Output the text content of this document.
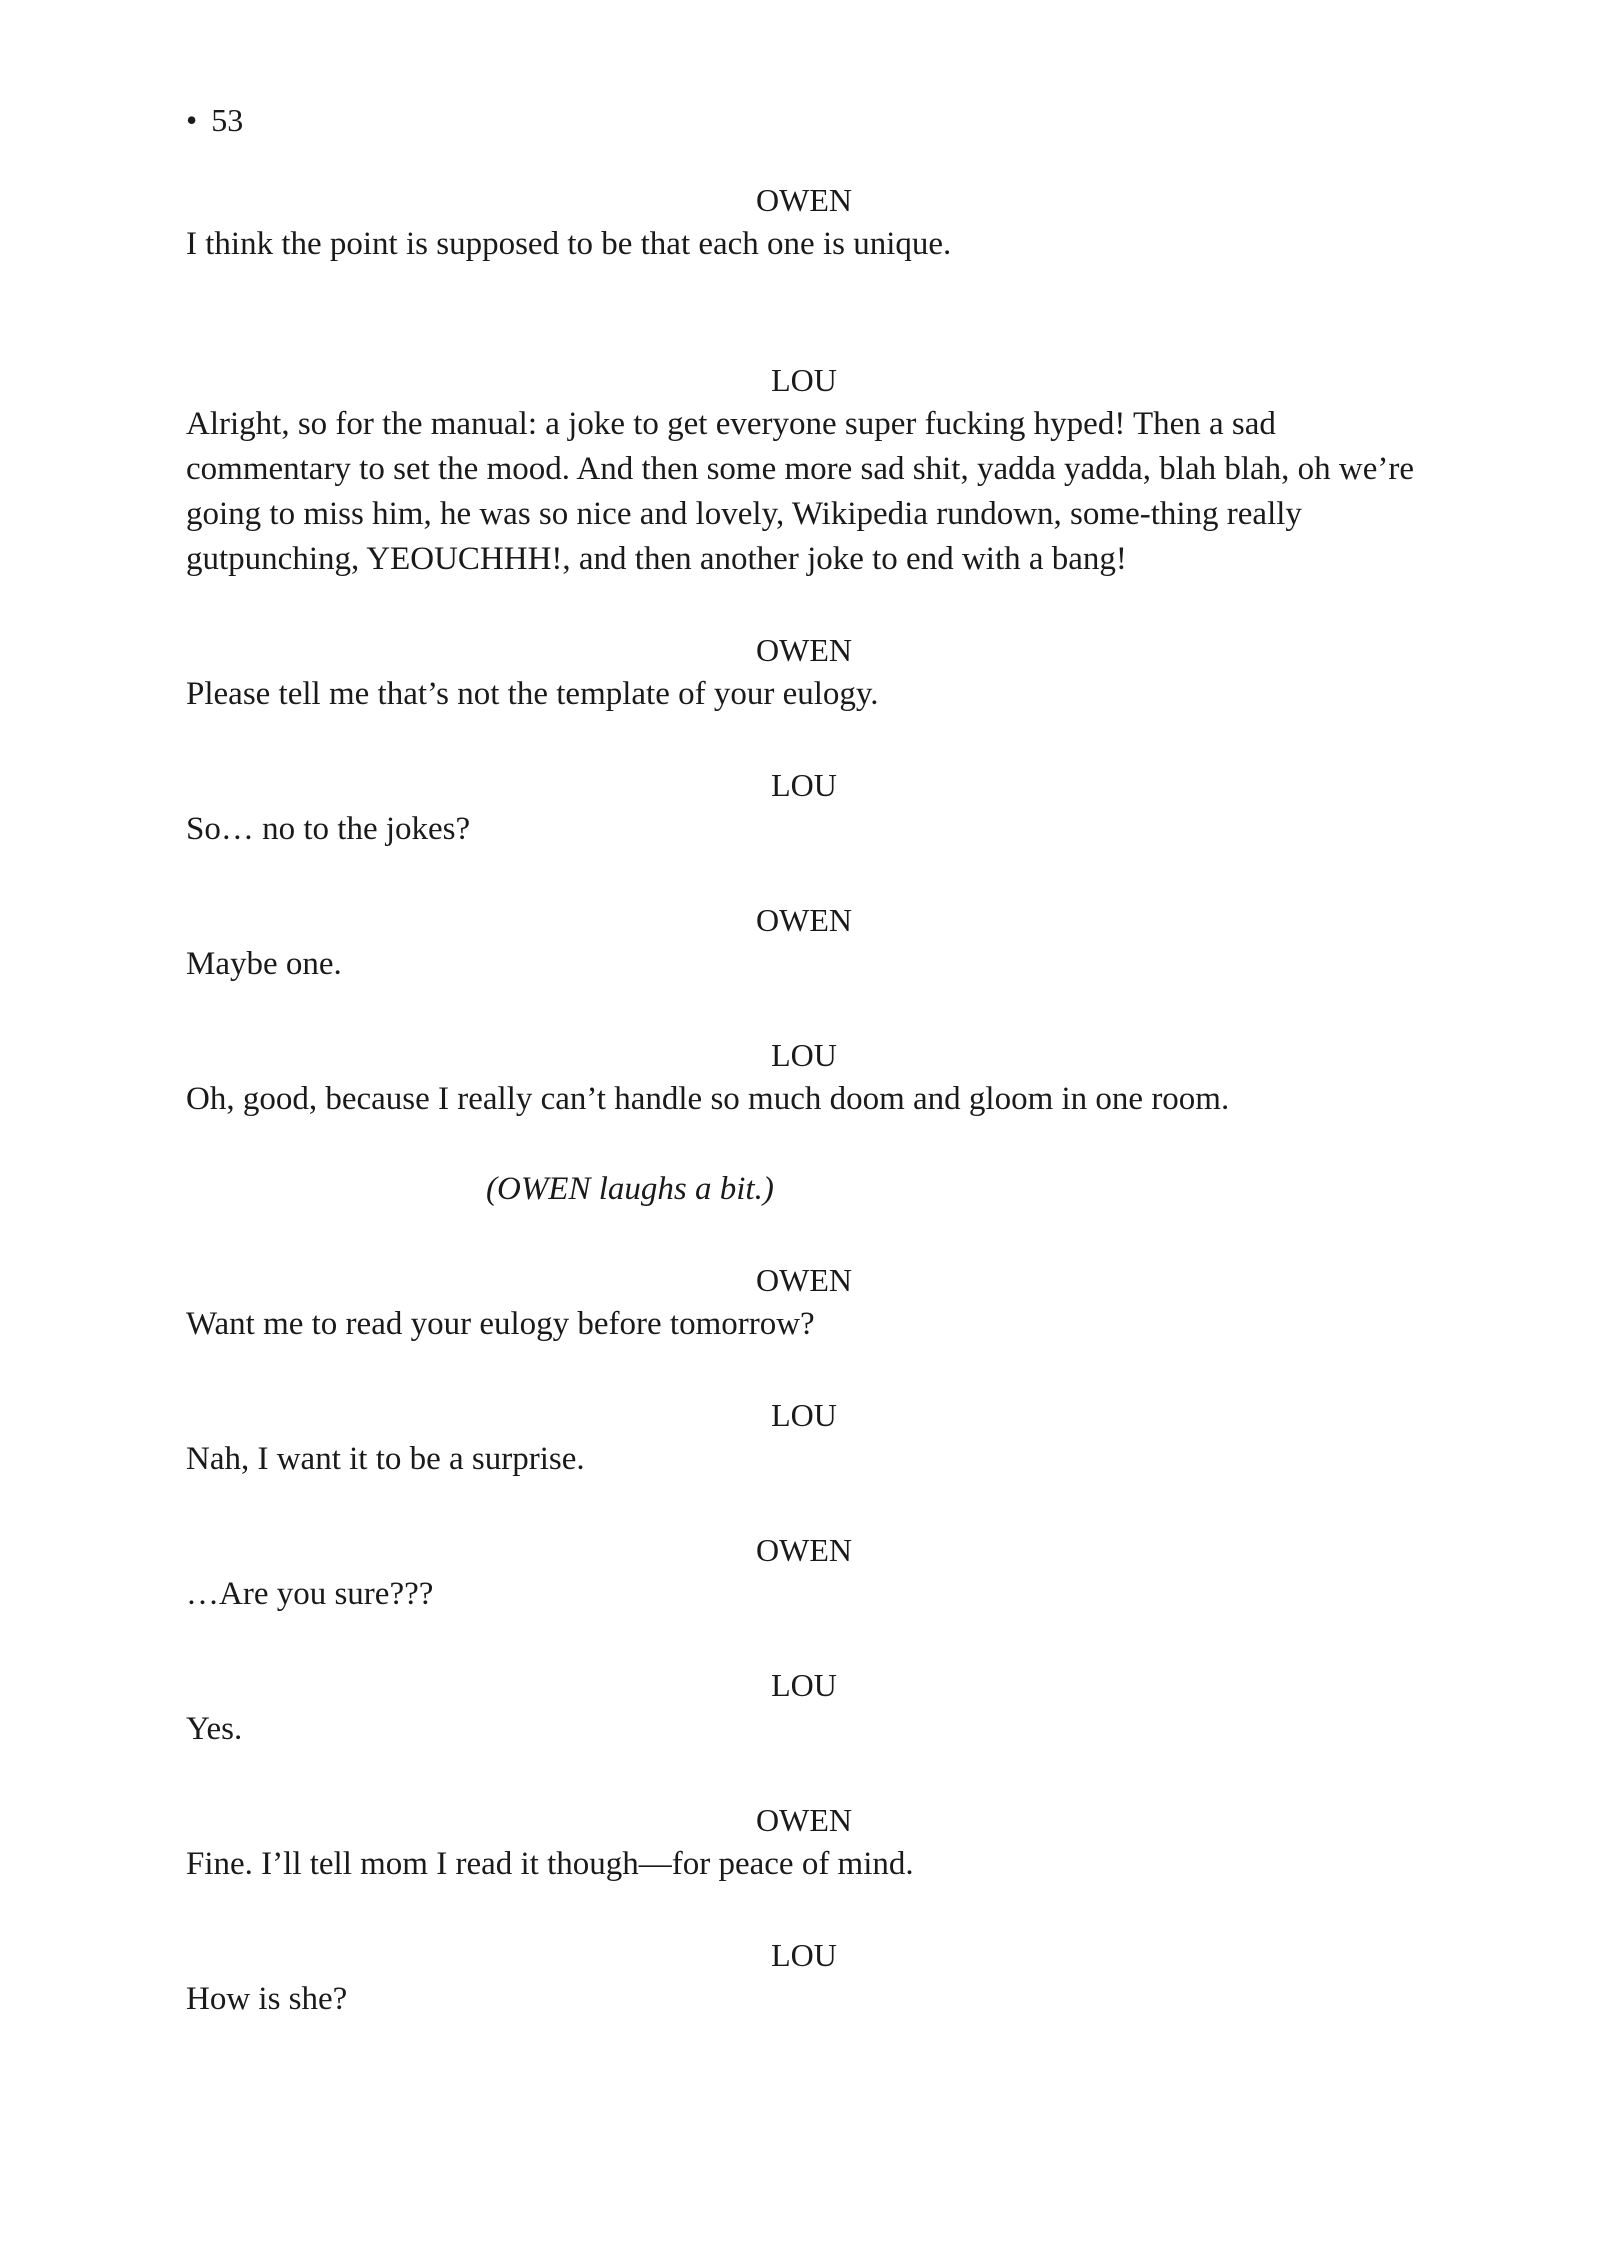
• 53
OWEN
I think the point is supposed to be that each one is unique.
LOU
Alright, so for the manual: a joke to get everyone super fucking hyped! Then a sad commentary to set the mood. And then some more sad shit, yadda yadda, blah blah, oh we’re going to miss him, he was so nice and lovely, Wikipedia rundown, some-thing really gutpunching, YEOUCHHH!, and then another joke to end with a bang!
OWEN
Please tell me that’s not the template of your eulogy.
LOU
So… no to the jokes?
OWEN
Maybe one.
LOU
Oh, good, because I really can’t handle so much doom and gloom in one room.
(OWEN laughs a bit.)
OWEN
Want me to read your eulogy before tomorrow?
LOU
Nah, I want it to be a surprise.
OWEN
…Are you sure???
LOU
Yes.
OWEN
Fine. I’ll tell mom I read it though—for peace of mind.
LOU
How is she?
